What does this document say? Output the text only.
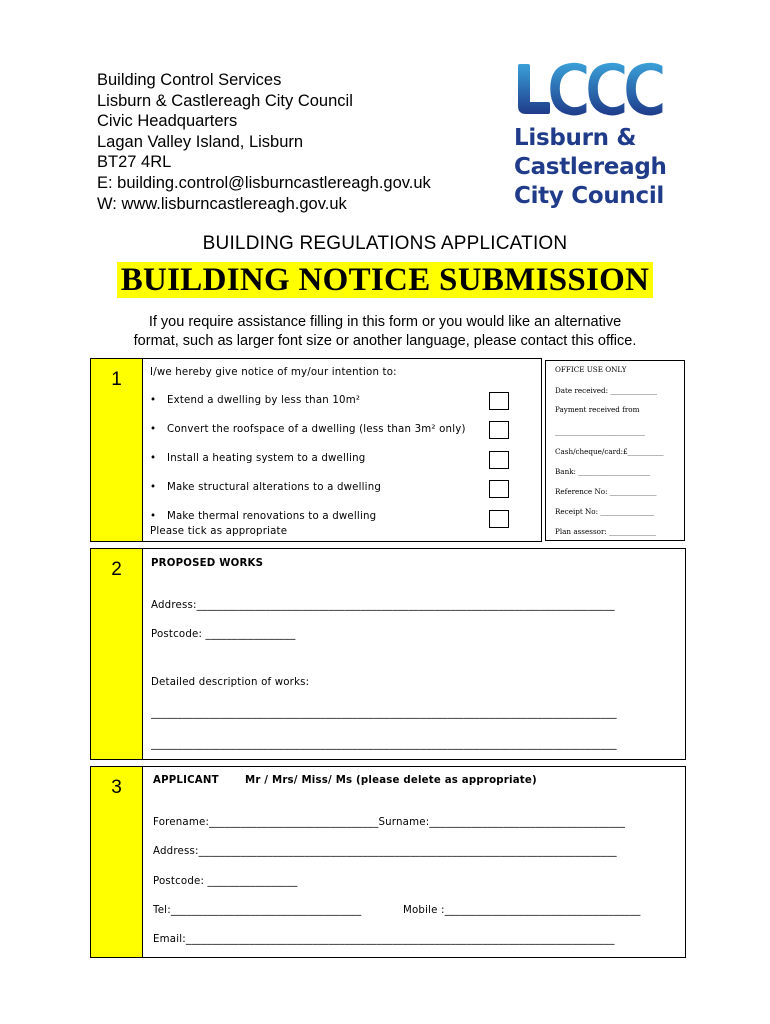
Building Control Services
Lisburn & Castlereagh City Council
Civic Headquarters
Lagan Valley Island, Lisburn
BT27 4RL
E: building.control@lisburncastlereagh.gov.uk
W: www.lisburncastlereagh.gov.uk
Lisburn &
Castlereagh
City Council
BUILDING REGULATIONS APPLICATION
BUILDING NOTICE SUBMISSION
If you require assistance filling in this form or you would like an alternative
format, such as larger font size or another language, please contact this office.
1	I/we hereby give notice of my/our intention to:
• Extend a dwelling by less than 10m²
• Convert the roofspace of a dwelling (less than 3m² only)
• Install a heating system to a dwelling
• Make structural alterations to a dwelling
• Make thermal renovations to a dwelling
Please tick as appropriate
OFFICE USE ONLY
Date received: _____________
Payment received from
_________________________
Cash/cheque/card:£__________
Bank: ____________________
Reference No: _____________
Receipt No: _______________
Plan assessor: _____________
2	PROPOSED WORKS
Address:_______________________________________________________________________________
Postcode: _________________
Detailed description of works:
________________________________________________________________________________________
________________________________________________________________________________________
3	APPLICANT	Mr / Mrs/ Miss/ Ms (please delete as appropriate)
Forename:________________________________Surname:_____________________________________
Address:_______________________________________________________________________________
Postcode: _________________
Tel:____________________________________	Mobile :_____________________________________
Email:_________________________________________________________________________________
